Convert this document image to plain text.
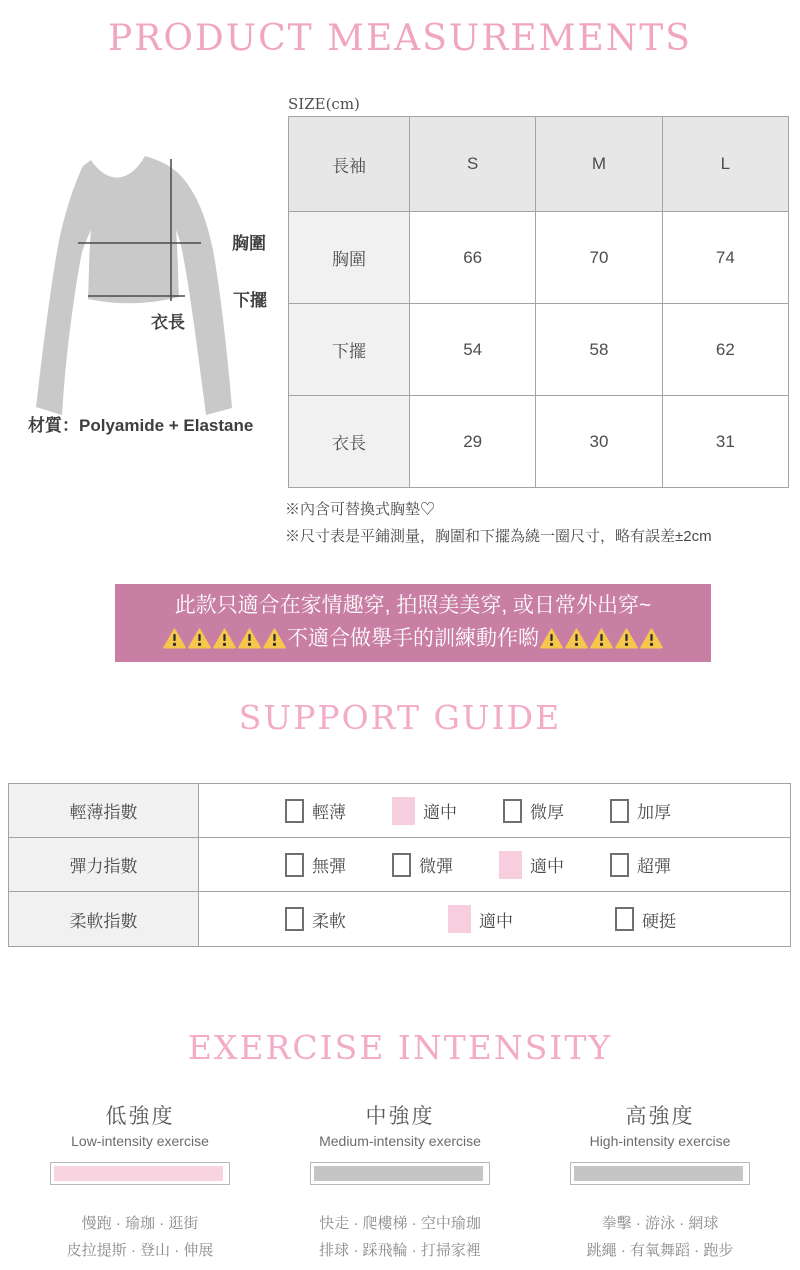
PRODUCT MEASUREMENTS
胸圍
下擺
衣長
材質：Polyamide + Elastane
SIZE(cm)
長袖	S	M	L
胸圍	66	70	74
下擺	54	58	62
衣長	29	30	31
※內含可替換式胸墊♡
※尺寸表是平鋪測量，胸圍和下擺為繞一圈尺寸，略有誤差±2cm
此款只適合在家情趣穿, 拍照美美穿, 或日常外出穿~
不適合做舉手的訓練動作喲
SUPPORT GUIDE
輕薄指數	輕薄	適中	微厚	加厚
彈力指數	無彈	微彈	適中	超彈
柔軟指數	柔軟	適中	硬挺
EXERCISE INTENSITY
低強度
Low-intensity exercise
慢跑 · 瑜珈 · 逛街
皮拉提斯 · 登山 · 伸展
中強度
Medium-intensity exercise
快走 · 爬樓梯 · 空中瑜珈
排球 · 踩飛輪 · 打掃家裡
高強度
High-intensity exercise
拳擊 · 游泳 · 網球
跳繩 · 有氧舞蹈 · 跑步
